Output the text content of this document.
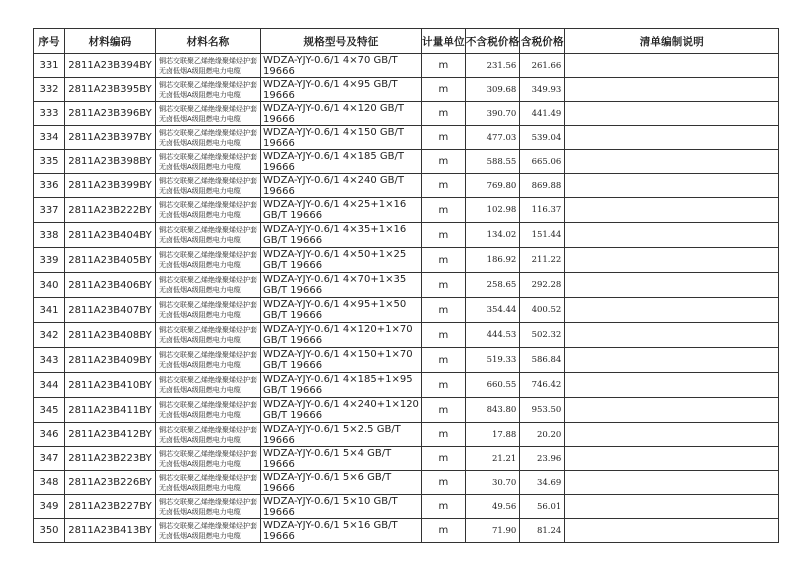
序号	材料编码	材料名称	规格型号及特征	计量单位	不含税价格	含税价格	清单编制说明
331	2811A23B394BY	铜芯交联聚乙烯绝缘聚烯烃护套无卤低烟A级阻燃电力电缆	WDZA-YJY-0.6/1 4×70 GB/T 19666	m	231.56	261.66	
332	2811A23B395BY	铜芯交联聚乙烯绝缘聚烯烃护套无卤低烟A级阻燃电力电缆	WDZA-YJY-0.6/1 4×95 GB/T 19666	m	309.68	349.93	
333	2811A23B396BY	铜芯交联聚乙烯绝缘聚烯烃护套无卤低烟A级阻燃电力电缆	WDZA-YJY-0.6/1 4×120 GB/T 19666	m	390.70	441.49	
334	2811A23B397BY	铜芯交联聚乙烯绝缘聚烯烃护套无卤低烟A级阻燃电力电缆	WDZA-YJY-0.6/1 4×150 GB/T 19666	m	477.03	539.04	
335	2811A23B398BY	铜芯交联聚乙烯绝缘聚烯烃护套无卤低烟A级阻燃电力电缆	WDZA-YJY-0.6/1 4×185 GB/T 19666	m	588.55	665.06	
336	2811A23B399BY	铜芯交联聚乙烯绝缘聚烯烃护套无卤低烟A级阻燃电力电缆	WDZA-YJY-0.6/1 4×240 GB/T 19666	m	769.80	869.88	
337	2811A23B222BY	铜芯交联聚乙烯绝缘聚烯烃护套无卤低烟A级阻燃电力电缆	WDZA-YJY-0.6/1 4×25+1×16 GB/T 19666	m	102.98	116.37	
338	2811A23B404BY	铜芯交联聚乙烯绝缘聚烯烃护套无卤低烟A级阻燃电力电缆	WDZA-YJY-0.6/1 4×35+1×16 GB/T 19666	m	134.02	151.44	
339	2811A23B405BY	铜芯交联聚乙烯绝缘聚烯烃护套无卤低烟A级阻燃电力电缆	WDZA-YJY-0.6/1 4×50+1×25 GB/T 19666	m	186.92	211.22	
340	2811A23B406BY	铜芯交联聚乙烯绝缘聚烯烃护套无卤低烟A级阻燃电力电缆	WDZA-YJY-0.6/1 4×70+1×35 GB/T 19666	m	258.65	292.28	
341	2811A23B407BY	铜芯交联聚乙烯绝缘聚烯烃护套无卤低烟A级阻燃电力电缆	WDZA-YJY-0.6/1 4×95+1×50 GB/T 19666	m	354.44	400.52	
342	2811A23B408BY	铜芯交联聚乙烯绝缘聚烯烃护套无卤低烟A级阻燃电力电缆	WDZA-YJY-0.6/1 4×120+1×70 GB/T 19666	m	444.53	502.32	
343	2811A23B409BY	铜芯交联聚乙烯绝缘聚烯烃护套无卤低烟A级阻燃电力电缆	WDZA-YJY-0.6/1 4×150+1×70 GB/T 19666	m	519.33	586.84	
344	2811A23B410BY	铜芯交联聚乙烯绝缘聚烯烃护套无卤低烟A级阻燃电力电缆	WDZA-YJY-0.6/1 4×185+1×95 GB/T 19666	m	660.55	746.42	
345	2811A23B411BY	铜芯交联聚乙烯绝缘聚烯烃护套无卤低烟A级阻燃电力电缆	WDZA-YJY-0.6/1 4×240+1×120 GB/T 19666	m	843.80	953.50	
346	2811A23B412BY	铜芯交联聚乙烯绝缘聚烯烃护套无卤低烟A级阻燃电力电缆	WDZA-YJY-0.6/1 5×2.5 GB/T 19666	m	17.88	20.20	
347	2811A23B223BY	铜芯交联聚乙烯绝缘聚烯烃护套无卤低烟A级阻燃电力电缆	WDZA-YJY-0.6/1 5×4 GB/T 19666	m	21.21	23.96	
348	2811A23B226BY	铜芯交联聚乙烯绝缘聚烯烃护套无卤低烟A级阻燃电力电缆	WDZA-YJY-0.6/1 5×6 GB/T 19666	m	30.70	34.69	
349	2811A23B227BY	铜芯交联聚乙烯绝缘聚烯烃护套无卤低烟A级阻燃电力电缆	WDZA-YJY-0.6/1 5×10 GB/T 19666	m	49.56	56.01	
350	2811A23B413BY	铜芯交联聚乙烯绝缘聚烯烃护套无卤低烟A级阻燃电力电缆	WDZA-YJY-0.6/1 5×16 GB/T 19666	m	71.90	81.24	
